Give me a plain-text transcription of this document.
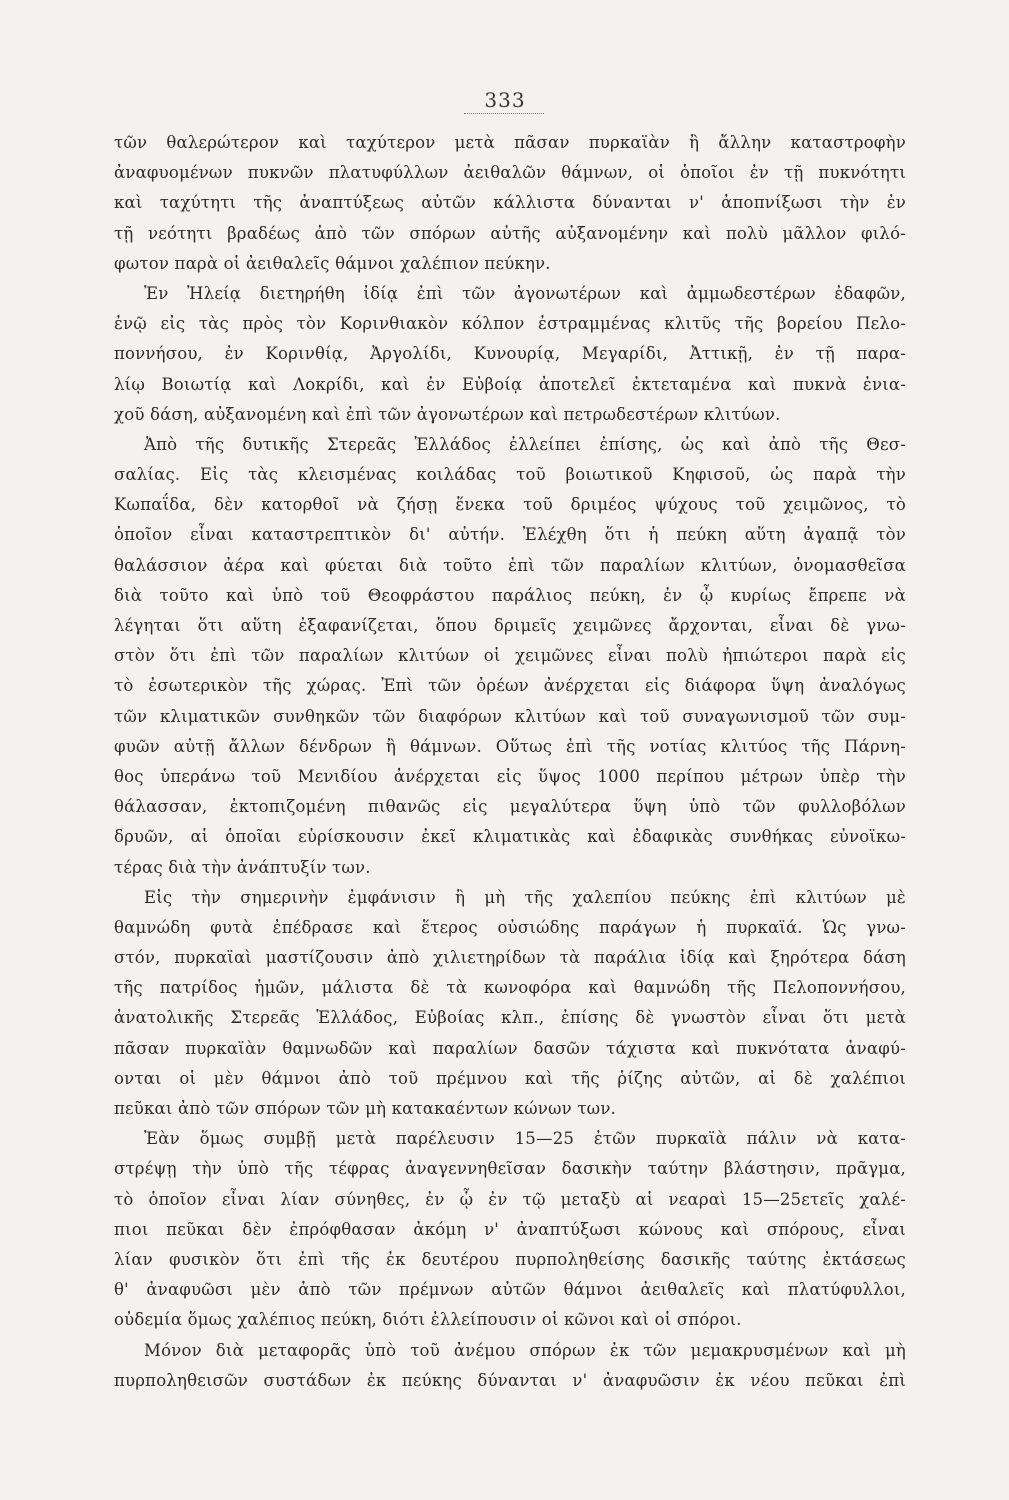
333
τῶν θαλερώτερον καὶ ταχύτερον μετὰ πᾶσαν πυρκαϊὰν ἢ ἄλλην καταστροφὴν
ἀναφυομένων πυκνῶν πλατυφύλλων ἀειθαλῶν θάμνων, οἱ ὁποῖοι ἐν τῇ πυκνότητι
καὶ ταχύτητι τῆς ἀναπτύξεως αὐτῶν κάλλιστα δύνανται ν' ἀποπνίξωσι τὴν ἐν
τῇ νεότητι βραδέως ἀπὸ τῶν σπόρων αὐτῆς αὐξανομένην καὶ πολὺ μᾶλλον φιλό-
φωτον παρὰ οἱ ἀειθαλεῖς θάμνοι χαλέπιον πεύκην.
Ἐν Ἠλείᾳ διετηρήθη ἰδίᾳ ἐπὶ τῶν ἀγονωτέρων καὶ ἀμμωδεστέρων ἐδαφῶν,
ἐνῷ εἰς τὰς πρὸς τὸν Κορινθιακὸν κόλπον ἐστραμμένας κλιτῦς τῆς βορείου Πελο-
ποννήσου, ἐν Κορινθίᾳ, Ἀργολίδι, Κυνουρίᾳ, Μεγαρίδι, Ἀττικῇ, ἐν τῇ παρα-
λίῳ Βοιωτίᾳ καὶ Λοκρίδι, καὶ ἐν Εὐβοίᾳ ἀποτελεῖ ἐκτεταμένα καὶ πυκνὰ ἐνια-
χοῦ δάση, αὐξανομένη καὶ ἐπὶ τῶν ἀγονωτέρων καὶ πετρωδεστέρων κλιτύων.
Ἀπὸ τῆς δυτικῆς Στερεᾶς Ἑλλάδος ἐλλείπει ἐπίσης, ὡς καὶ ἀπὸ τῆς Θεσ-
σαλίας. Εἰς τὰς κλεισμένας κοιλάδας τοῦ βοιωτικοῦ Κηφισοῦ, ὡς παρὰ τὴν
Κωπαΐδα, δὲν κατορθοῖ νὰ ζήσῃ ἕνεκα τοῦ δριμέος ψύχους τοῦ χειμῶνος, τὸ
ὁποῖον εἶναι καταστρεπτικὸν δι' αὐτήν. Ἐλέχθη ὅτι ἡ πεύκη αὕτη ἀγαπᾷ τὸν
θαλάσσιον ἀέρα καὶ φύεται διὰ τοῦτο ἐπὶ τῶν παραλίων κλιτύων, ὀνομασθεῖσα
διὰ τοῦτο καὶ ὑπὸ τοῦ Θεοφράστου παράλιος πεύκη, ἐν ᾧ κυρίως ἔπρεπε νὰ
λέγηται ὅτι αὕτη ἐξαφανίζεται, ὅπου δριμεῖς χειμῶνες ἄρχονται, εἶναι δὲ γνω-
στὸν ὅτι ἐπὶ τῶν παραλίων κλιτύων οἱ χειμῶνες εἶναι πολὺ ἠπιώτεροι παρὰ εἰς
τὸ ἐσωτερικὸν τῆς χώρας. Ἐπὶ τῶν ὀρέων ἀνέρχεται εἰς διάφορα ὕψη ἀναλόγως
τῶν κλιματικῶν συνθηκῶν τῶν διαφόρων κλιτύων καὶ τοῦ συναγωνισμοῦ τῶν συμ-
φυῶν αὐτῇ ἄλλων δένδρων ἢ θάμνων. Οὕτως ἐπὶ τῆς νοτίας κλιτύος τῆς Πάρνη-
θος ὑπεράνω τοῦ Μενιδίου ἀνέρχεται εἰς ὕψος 1000 περίπου μέτρων ὑπὲρ τὴν
θάλασσαν, ἐκτοπιζομένη πιθανῶς εἰς μεγαλύτερα ὕψη ὑπὸ τῶν φυλλοβόλων
δρυῶν, αἱ ὁποῖαι εὑρίσκουσιν ἐκεῖ κλιματικὰς καὶ ἐδαφικὰς συνθήκας εὐνοϊκω-
τέρας διὰ τὴν ἀνάπτυξίν των.
Εἰς τὴν σημερινὴν ἐμφάνισιν ἢ μὴ τῆς χαλεπίου πεύκης ἐπὶ κλιτύων μὲ
θαμνώδη φυτὰ ἐπέδρασε καὶ ἕτερος οὐσιώδης παράγων ἡ πυρκαϊά. Ὡς γνω-
στόν, πυρκαϊαὶ μαστίζουσιν ἀπὸ χιλιετηρίδων τὰ παράλια ἰδίᾳ καὶ ξηρότερα δάση
τῆς πατρίδος ἡμῶν, μάλιστα δὲ τὰ κωνοφόρα καὶ θαμνώδη τῆς Πελοποννήσου,
ἀνατολικῆς Στερεᾶς Ἑλλάδος, Εὐβοίας κλπ., ἐπίσης δὲ γνωστὸν εἶναι ὅτι μετὰ
πᾶσαν πυρκαϊὰν θαμνωδῶν καὶ παραλίων δασῶν τάχιστα καὶ πυκνότατα ἀναφύ-
ονται οἱ μὲν θάμνοι ἀπὸ τοῦ πρέμνου καὶ τῆς ῥίζης αὐτῶν, αἱ δὲ χαλέπιοι
πεῦκαι ἀπὸ τῶν σπόρων τῶν μὴ κατακαέντων κώνων των.
Ἐὰν ὅμως συμβῇ μετὰ παρέλευσιν 15—25 ἐτῶν πυρκαϊὰ πάλιν νὰ κατα-
στρέψῃ τὴν ὑπὸ τῆς τέφρας ἀναγεννηθεῖσαν δασικὴν ταύτην βλάστησιν, πρᾶγμα,
τὸ ὁποῖον εἶναι λίαν σύνηθες, ἐν ᾧ ἐν τῷ μεταξὺ αἱ νεαραὶ 15—25ετεῖς χαλέ-
πιοι πεῦκαι δὲν ἐπρόφθασαν ἀκόμη ν' ἀναπτύξωσι κώνους καὶ σπόρους, εἶναι
λίαν φυσικὸν ὅτι ἐπὶ τῆς ἐκ δευτέρου πυρποληθείσης δασικῆς ταύτης ἐκτάσεως
θ' ἀναφυῶσι μὲν ἀπὸ τῶν πρέμνων αὐτῶν θάμνοι ἀειθαλεῖς καὶ πλατύφυλλοι,
οὐδεμία ὅμως χαλέπιος πεύκη, διότι ἐλλείπουσιν οἱ κῶνοι καὶ οἱ σπόροι.
Μόνον διὰ μεταφορᾶς ὑπὸ τοῦ ἀνέμου σπόρων ἐκ τῶν μεμακρυσμένων καὶ μὴ
πυρποληθεισῶν συστάδων ἐκ πεύκης δύνανται ν' ἀναφυῶσιν ἐκ νέου πεῦκαι ἐπὶ
